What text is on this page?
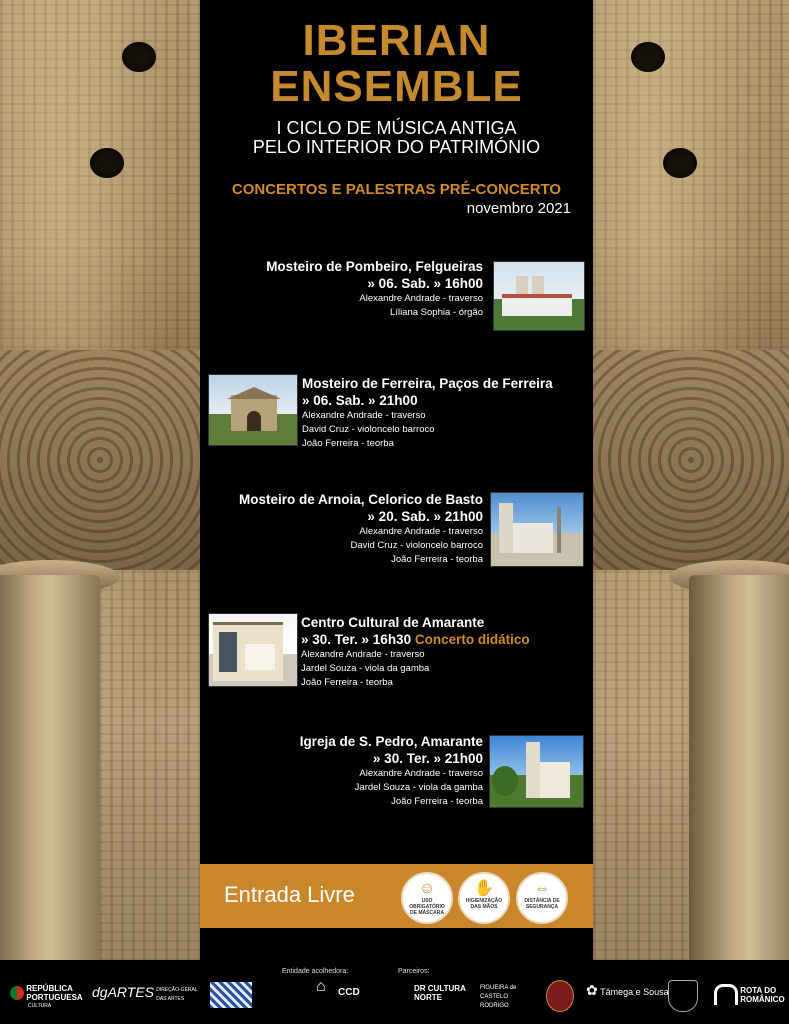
IBERIAN
ENSEMBLE
I CICLO DE MÚSICA ANTIGA
PELO INTERIOR DO PATRIMÓNIO
CONCERTOS E PALESTRAS PRÉ-CONCERTO
novembro 2021
Mosteiro de Pombeiro, Felgueiras
» 06. Sab. » 16h00
Alexandre Andrade - traverso
Líliana Sophia - órgão
Mosteiro de Ferreira, Paços de Ferreira
» 06. Sab. » 21h00
Alexandre Andrade - traverso
David Cruz - violoncelo barroco
João Ferreira - teorba
Mosteiro de Arnoia, Celorico de Basto
» 20. Sab. » 21h00
Alexandre Andrade - traverso
David Cruz - violoncelo barroco
João Ferreira - teorba
Centro Cultural de Amarante
» 30. Ter. » 16h30 Concerto didático
Alexandre Andrade - traverso
Jardel Souza - viola da gamba
João Ferreira - teorba
Igreja de S. Pedro, Amarante
» 30. Ter. » 21h00
Alexandre Andrade - traverso
Jardel Souza - viola da gamba
João Ferreira - teorba
Entrada Livre	☺
USO OBRIGATÓRIO DE MÁSCARA
✋
HIGIENIZAÇÃO DAS MÃOS
⇔
DISTÂNCIA DE SEGURANÇA
Entidade acolhedora:	Parceiros:
REPÚBLICA PORTUGUESA
CULTURA
dgARTES DIREÇÃO-GERAL DAS ARTES
⌂ CCD	DR CULTURA NORTE
FIGUEIRA de CASTELO RODRIGO
✿ Tâmega e Sousa	ROTA DO ROMÂNICO
